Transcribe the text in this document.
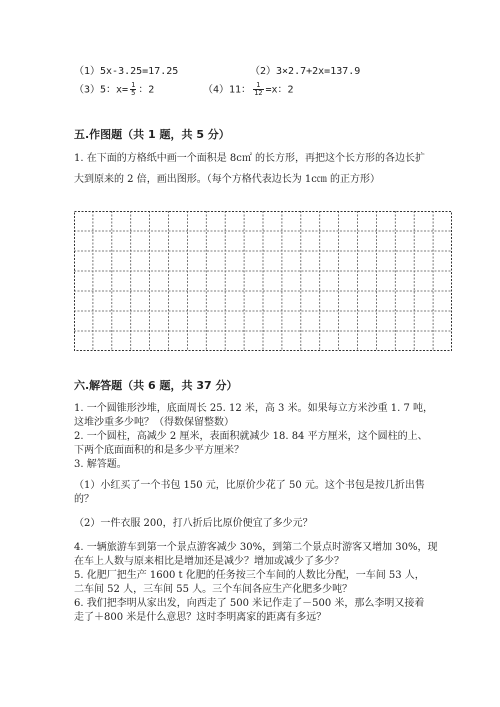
（1）5x-3.25=17.25	（2）3×2.7+2x=137.9
（3）5：$x= \frac{1}{5}$ ：2	（4）11： $\frac{1}{12} =x$：2
五.作图题（共 1 题，共 5 分）
1. 在下面的方格纸中画一个面积是 8c㎡ 的长方形，再把这个长方形的各边长扩
大到原来的 2 倍，画出图形。（每个方格代表边长为 1c㎝ 的正方形）
六.解答题（共 6 题，共 37 分）
1. 一个圆锥形沙堆，底面周长 25. 12 米，高 3 米。如果每立方米沙重 1. 7 吨，
这堆沙重多少吨？（得数保留整数）
2. 一个圆柱，高减少 2 厘米，表面积就减少 18. 84 平方厘米，这个圆柱的上、
下两个底面面积的和是多少平方厘米？
3. 解答题。
（1）小红买了一个书包 150 元，比原价少花了 50 元。这个书包是按几折出售
的？
（2）一件衣服 200，打八折后比原价便宜了多少元？
4. 一辆旅游车到第一个景点游客减少 30%，到第二个景点时游客又增加 30%，现
在车上人数与原来相比是增加还是减少？增加或减少了多少？
5. 化肥厂把生产 1600 t 化肥的任务按三个车间的人数比分配，一车间 53 人，
二车间 52 人，三车间 55 人。三个车间各应生产化肥多少吨？
6. 我们把李明从家出发，向西走了 500 米记作走了－500 米，那么李明又接着
走了＋800 米是什么意思？这时李明离家的距离有多远？
